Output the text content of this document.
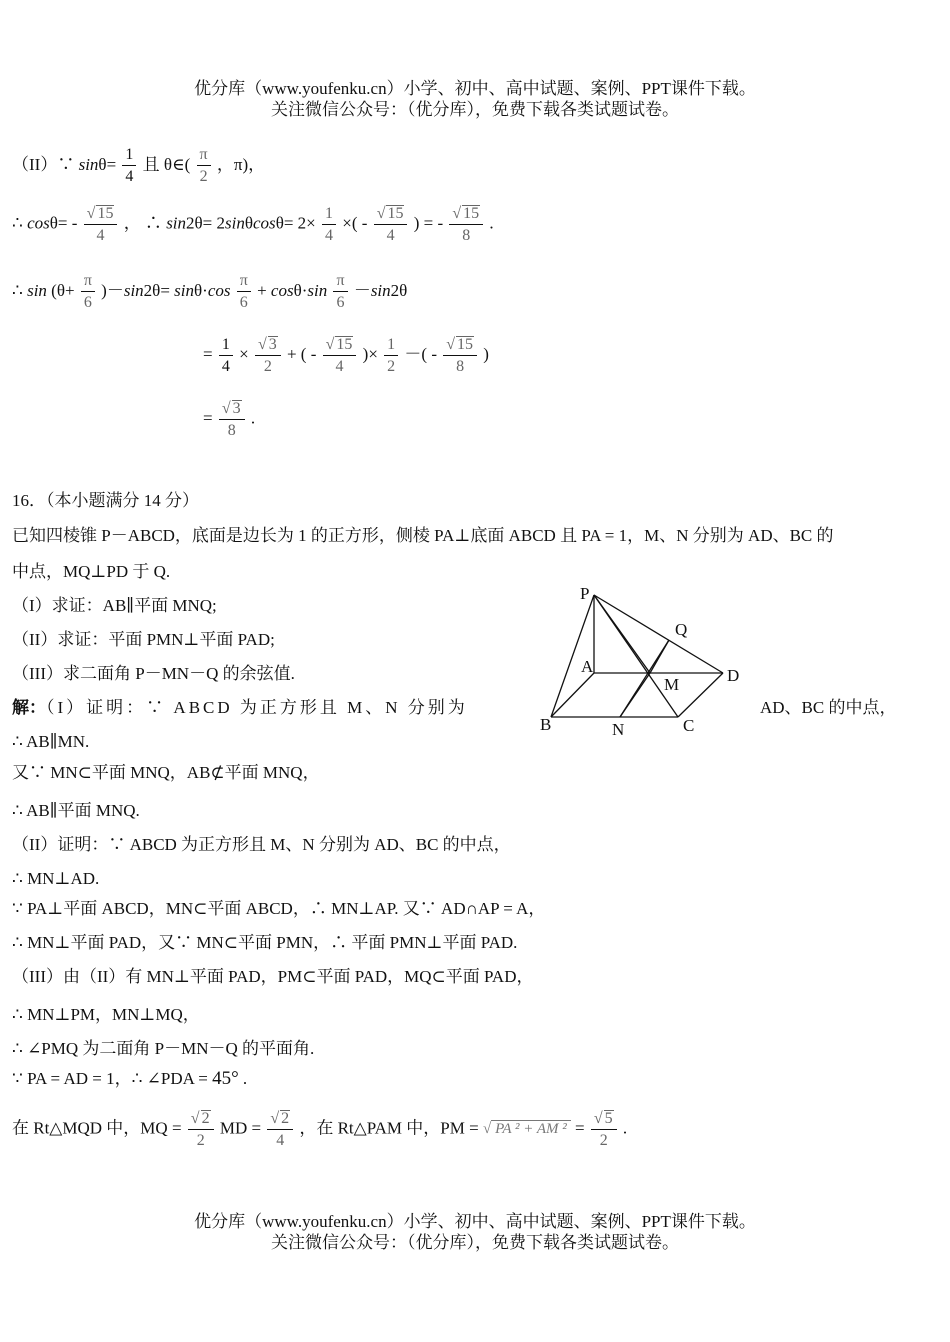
优分库（www.youfenku.cn）小学、初中、高中试题、案例、PPT课件下载。
关注微信公众号：（优分库），免费下载各类试题试卷。
（II）∵ $\sin\theta= \frac{1}{4}$ 且 θ∈( $\frac{\pi}{2}$ ，π)，
∴ $\cos\theta= - \frac{√ 15}{4}$ ， ∴ $\sin 2\theta= 2\sin\theta\cos\theta= 2\times \frac{1}{4}$ ×( - $\frac{√ 15}{4}$ ) = - $\frac{√ 15}{8}$ .
∴ $\sin (\theta+ \frac{\pi}{6} )-\sin 2\theta= \sin\theta\cdot\cos \frac{\pi}{6} + \cos\theta\cdot\sin \frac{\pi}{6} -\sin 2\theta$
= $\frac{1}{4} \times \frac{√ 3}{2}$ + ( - $\frac{√ 15}{4}$ )× $\frac{1}{2}$ －( - $\frac{√ 15}{8}$ )
= $\frac{√ 3}{8}$ .
16．（本小题满分 14 分）
已知四棱锥 P－ABCD，底面是边长为 1 的正方形，侧棱 PA⊥底面 ABCD 且 PA = 1，M、N 分别为 AD、BC 的
中点，MQ⊥PD 于 Q.
（I）求证：AB∥平面 MNQ;
（II）求证：平面 PMN⊥平面 PAD;
（III）求二面角 P－MN－Q 的余弦值.
解：（I）证明：∵ ABCD 为正方形且 M、N 分别为	AD、BC 的中点，
P
Q
A
M	D
B	N	C
∴ AB∥MN.
又∵ MN⊂平面 MNQ，AB⊄平面 MNQ，
∴ AB∥平面 MNQ.
（II）证明：∵ ABCD 为正方形且 M、N 分别为 AD、BC 的中点，
∴ MN⊥AD.
∵ PA⊥平面 ABCD，MN⊂平面 ABCD，∴ MN⊥AP. 又∵ AD∩AP = A，
∴ MN⊥平面 PAD，又∵ MN⊂平面 PMN，∴ 平面 PMN⊥平面 PAD.
（III）由（II）有 MN⊥平面 PAD，PM⊂平面 PAD，MQ⊂平面 PAD，
∴ MN⊥PM，MN⊥MQ，
∴ ∠PMQ 为二面角 P－MN－Q 的平面角.
∵ PA = AD = 1，∴ ∠PDA = 45° .
在 Rt△MQD 中，MQ = $\frac{√ 2}{2}$ MD = $\frac{√ 2}{4}$ ，在 Rt△PAM 中，PM = √ PA ² + AM $^2 = \frac{√ 5}{2}$ .
优分库（www.youfenku.cn）小学、初中、高中试题、案例、PPT课件下载。
关注微信公众号：（优分库），免费下载各类试题试卷。
